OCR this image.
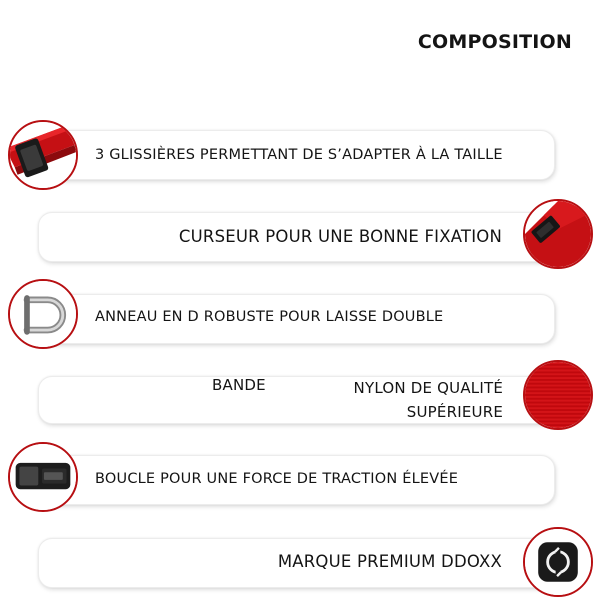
COMPOSITION
3 GLISSIÈRES PERMETTANT DE S’ADAPTER À LA TAILLE
CURSEUR POUR UNE BONNE FIXATION
ANNEAU EN D ROBUSTE POUR LAISSE DOUBLE
BANDE	NYLON DE QUALITÉ SUPÉRIEURE
BOUCLE POUR UNE FORCE DE TRACTION ÉLEVÉE
MARQUE PREMIUM DDOXX
